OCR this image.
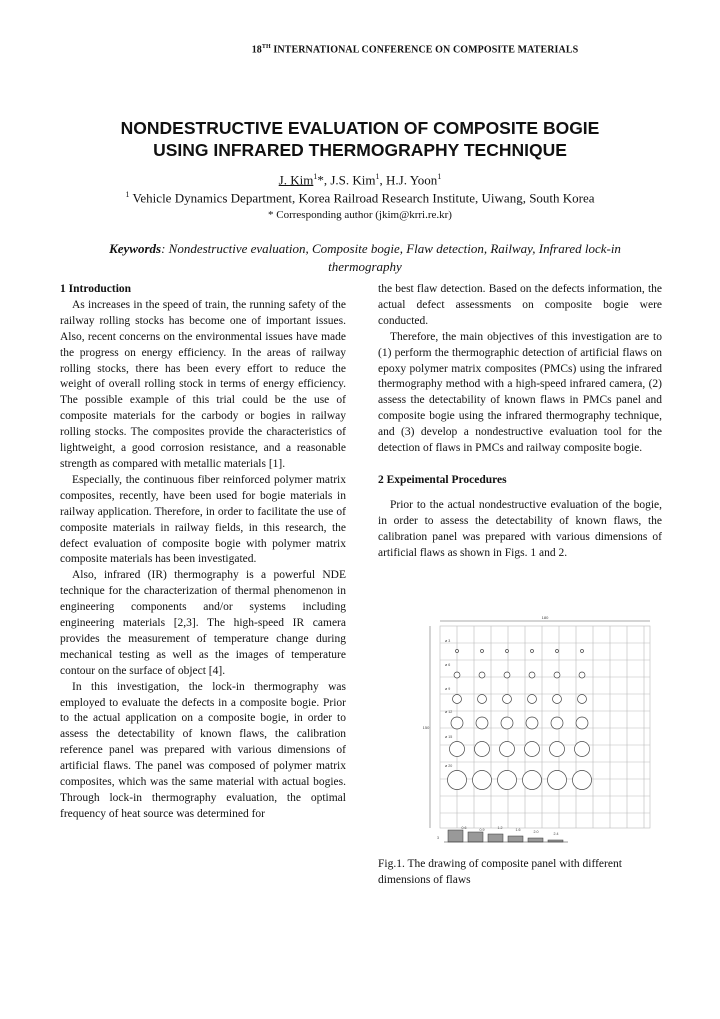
18TH INTERNATIONAL CONFERENCE ON COMPOSITE MATERIALS
NONDESTRUCTIVE EVALUATION OF COMPOSITE BOGIE
USING INFRARED THERMOGRAPHY TECHNIQUE
J. Kim$^1$*, J.S. Kim$^1$, H.J. Yoon$^1$
$^1$ Vehicle Dynamics Department, Korea Railroad Research Institute, Uiwang, South Korea
* Corresponding author (jkim@krri.re.kr)
Keywords: Nondestructive evaluation, Composite bogie, Flaw detection, Railway, Infrared lock-in thermography

1 Introduction

As increases in the speed of train, the running safety of the railway rolling stocks has become one of important issues. Also, recent concerns on the environmental issues have made the progress on energy efficiency. In the areas of railway rolling stocks, there has been every effort to reduce the weight of overall rolling stock in terms of energy efficiency. The possible example of this trial could be the use of composite materials for the carbody or bogies in railway rolling stocks. The composites provide the characteristics of lightweight, a good corrosion resistance, and a reasonable strength as compared with metallic materials [1].

Especially, the continuous fiber reinforced polymer matrix composites, recently, have been used for bogie materials in railway application. Therefore, in order to facilitate the use of composite materials in railway fields, in this research, the defect evaluation of composite bogie with polymer matrix composite materials has been investigated.

Also, infrared (IR) thermography is a powerful NDE technique for the characterization of thermal phenomenon in engineering components and/or systems including engineering materials [2,3]. The high-speed IR camera provides the measurement of temperature change during mechanical testing as well as the images of temperature contour on the surface of object [4].

In this investigation, the lock-in thermography was employed to evaluate the defects in a composite bogie. Prior to the actual application on a composite bogie, in order to assess the detectability of known flaws, the calibration reference panel was prepared with various dimensions of artificial flaws. The panel was composed of polymer matrix composites, which was the same material with actual bogies. Through lock-in thermography evaluation, the optimal frequency of heat source was determined for

the best flaw detection. Based on the defects information, the actual defect assessments on composite bogie were conducted.

Therefore, the main objectives of this investigation are to (1) perform the thermographic detection of artificial flaws on epoxy polymer matrix composites (PMCs) using the infrared thermography method with a high-speed infrared camera, (2) assess the detectability of known flaws in PMCs panel and composite bogie using the infrared thermography technique, and (3) develop a nondestructive evaluation tool for the detection of flaws in PMCs and railway composite bogie.

2 Expeimental Procedures

Prior to the actual nondestructive evaluation of the bogie, in order to assess the detectability of known flaws, the calibration panel was prepared with various dimensions of artificial flaws as shown in Figs. 1 and 2.

180
150
ø 3
ø 6
ø 9
ø 12
ø 15
ø 20
0.6	0.9	1.2	1.6	2.0	2.4
3
Fig.1. The drawing of composite panel with different dimensions of flaws
